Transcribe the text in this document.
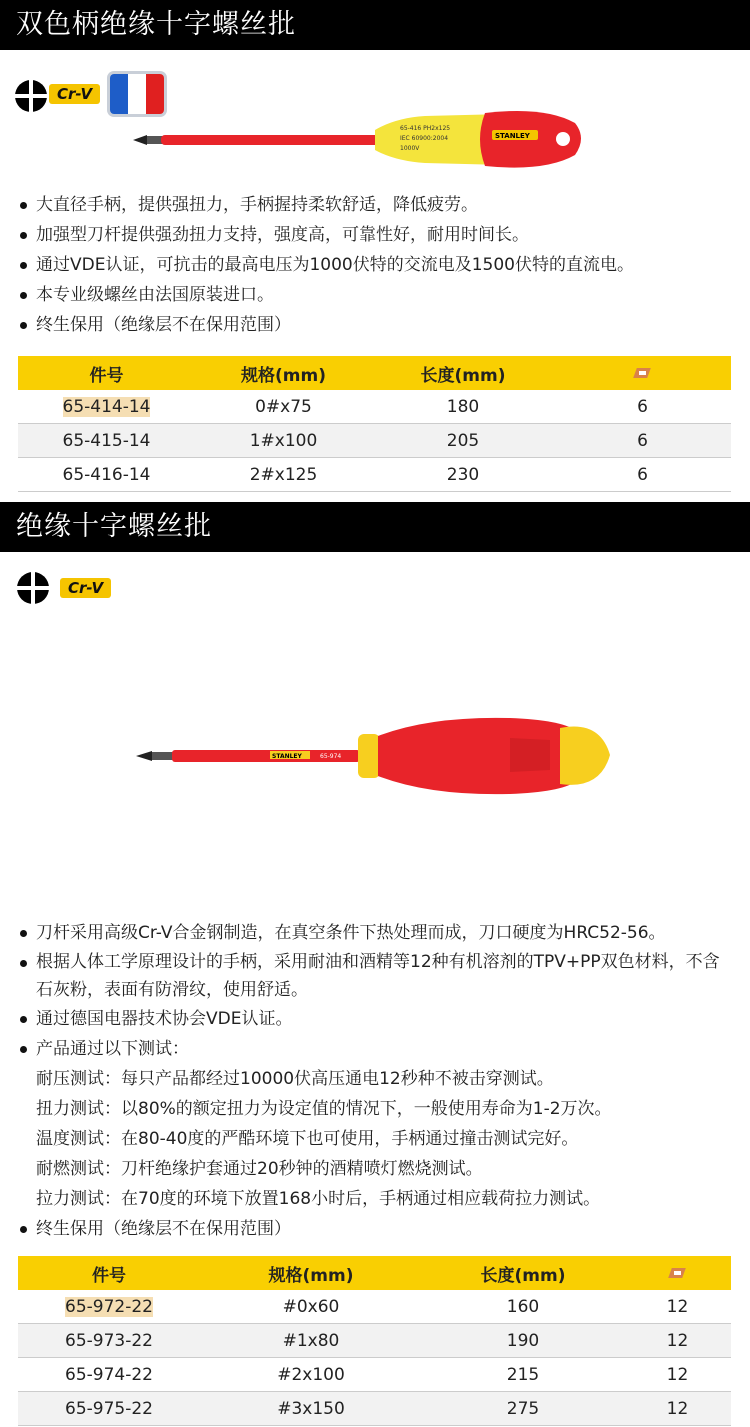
双色柄绝缘十字螺丝批
Cr-V
STANLEY
65-416 PH2x125
IEC 60900:2004
1000V
大直径手柄，提供强扭力，手柄握持柔软舒适，降低疲劳。
加强型刀杆提供强劲扭力支持，强度高，可靠性好，耐用时间长。
通过VDE认证，可抗击的最高电压为1000伏特的交流电及1500伏特的直流电。
本专业级螺丝由法国原装进口。
终生保用（绝缘层不在保用范围）
件号	规格(mm)	长度(mm)	
65-414-14	0#x75	180	6
65-415-14	1#x100	205	6
65-416-14	2#x125	230	6
绝缘十字螺丝批
Cr-V
STANLEY	65-974
刀杆采用高级Cr-V合金钢制造，在真空条件下热处理而成，刀口硬度为HRC52-56。
根据人体工学原理设计的手柄，采用耐油和酒精等12种有机溶剂的TPV+PP双色材料，不含石灰粉，表面有防滑纹，使用舒适。
通过德国电器技术协会VDE认证。
产品通过以下测试：
耐压测试：每只产品都经过10000伏高压通电12秒种不被击穿测试。
扭力测试：以80%的额定扭力为设定值的情况下，一般使用寿命为1-2万次。
温度测试：在80-40度的严酷环境下也可使用，手柄通过撞击测试完好。
耐燃测试：刀杆绝缘护套通过20秒钟的酒精喷灯燃烧测试。
拉力测试：在70度的环境下放置168小时后，手柄通过相应载荷拉力测试。
终生保用（绝缘层不在保用范围）
件号	规格(mm)	长度(mm)	
65-972-22	#0x60	160	12
65-973-22	#1x80	190	12
65-974-22	#2x100	215	12
65-975-22	#3x150	275	12
